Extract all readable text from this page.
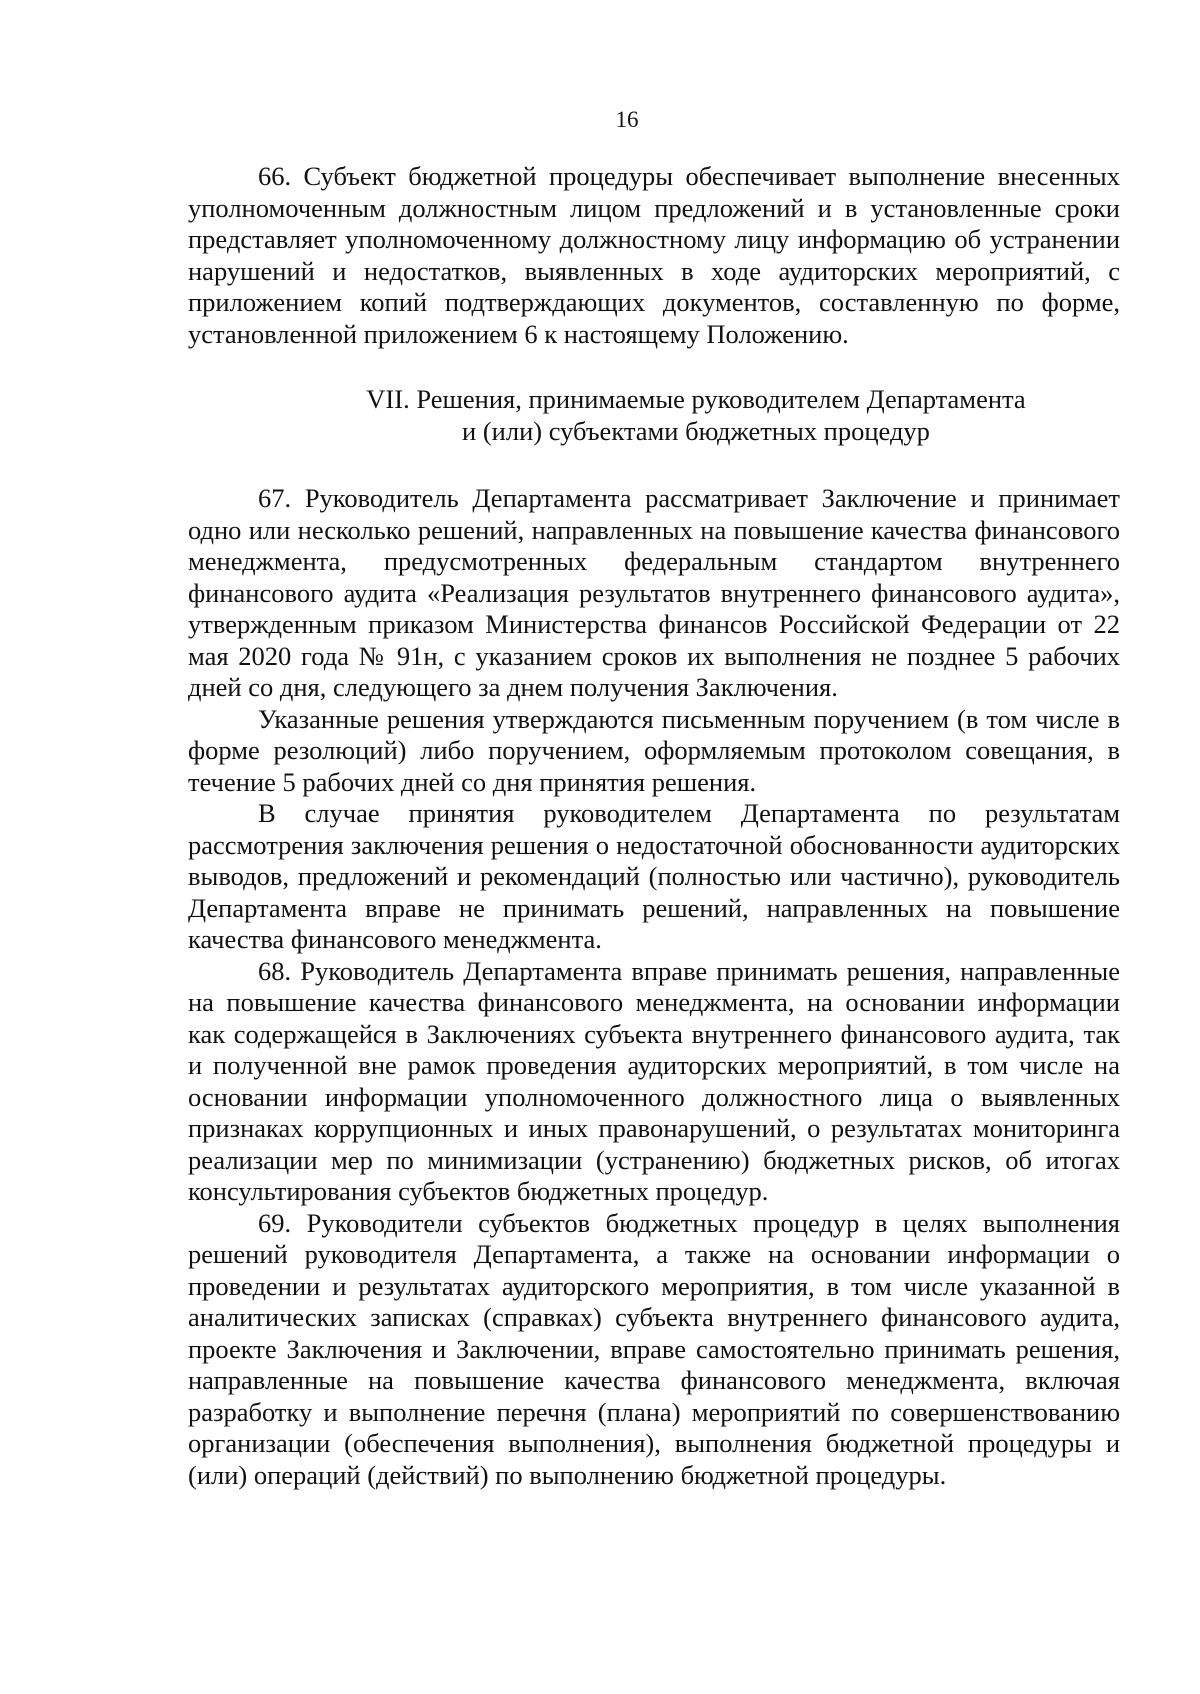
16

66. Субъект бюджетной процедуры обеспечивает выполнение внесенных уполномоченным должностным лицом предложений и в установленные сроки представляет уполномоченному должностному лицу информацию об устранении нарушений и недостатков, выявленных в ходе аудиторских мероприятий, с приложением копий подтверждающих документов, составленную по форме, установленной приложением 6 к настоящему Положению.

VII. Решения, принимаемые руководителем Департамента
и (или) субъектами бюджетных процедур

67. Руководитель Департамента рассматривает Заключение и принимает одно или несколько решений, направленных на повышение качества финансового менеджмента, предусмотренных федеральным стандартом внутреннего финансового аудита «Реализация результатов внутреннего финансового аудита», утвержденным приказом Министерства финансов Российской Федерации от 22 мая 2020 года № 91н, с указанием сроков их выполнения не позднее 5 рабочих дней со дня, следующего за днем получения Заключения.

Указанные решения утверждаются письменным поручением (в том числе в форме резолюций) либо поручением, оформляемым протоколом совещания, в течение 5 рабочих дней со дня принятия решения.

В случае принятия руководителем Департамента по результатам рассмотрения заключения решения о недостаточной обоснованности аудиторских выводов, предложений и рекомендаций (полностью или частично), руководитель Департамента вправе не принимать решений, направленных на повышение качества финансового менеджмента.

68. Руководитель Департамента вправе принимать решения, направленные на повышение качества финансового менеджмента, на основании информации как содержащейся в Заключениях субъекта внутреннего финансового аудита, так и полученной вне рамок проведения аудиторских мероприятий, в том числе на основании информации уполномоченного должностного лица о выявленных признаках коррупционных и иных правонарушений, о результатах мониторинга реализации мер по минимизации (устранению) бюджетных рисков, об итогах консультирования субъектов бюджетных процедур.

69. Руководители субъектов бюджетных процедур в целях выполнения решений руководителя Департамента, а также на основании информации о проведении и результатах аудиторского мероприятия, в том числе указанной в аналитических записках (справках) субъекта внутреннего финансового аудита, проекте Заключения и Заключении, вправе самостоятельно принимать решения, направленные на повышение качества финансового менеджмента, включая разработку и выполнение перечня (плана) мероприятий по совершенствованию организации (обеспечения выполнения), выполнения бюджетной процедуры и (или) операций (действий) по выполнению бюджетной процедуры.
